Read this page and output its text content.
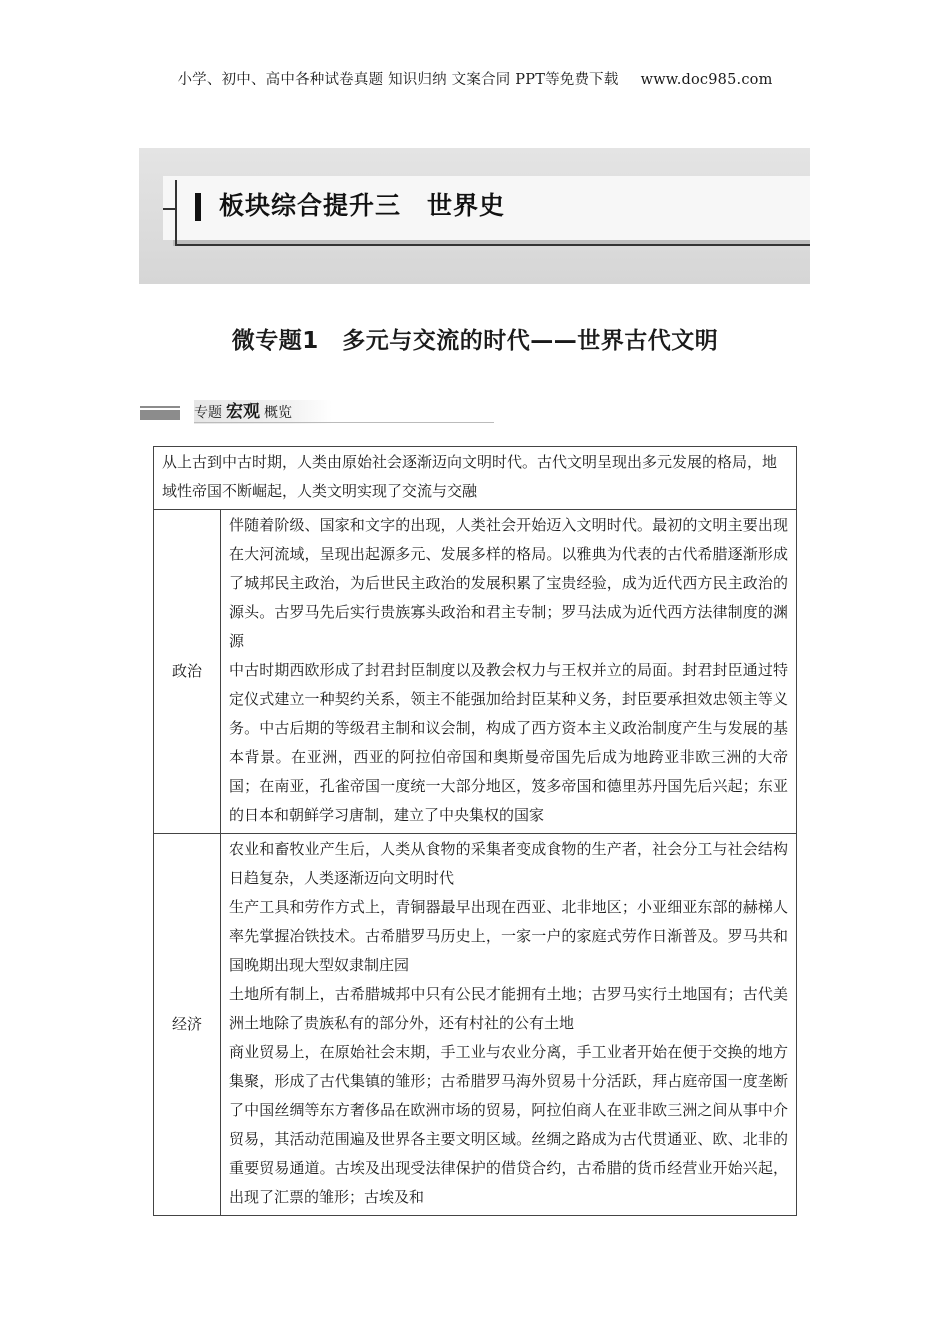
小学、初中、高中各种试卷真题 知识归纳 文案合同 PPT等免费下载 www.doc985.com
板块综合提升三　世界史
微专题1　多元与交流的时代——世界古代文明
专题 宏观 概览
从上古到中古时期，人类由原始社会逐渐迈向文明时代。古代文明呈现出多元发展的格局，地域性帝国不断崛起，人类文明实现了交流与交融	
政治	伴随着阶级、国家和文字的出现，人类社会开始迈入文明时代。最初的文明主要出现在大河流域，呈现出起源多元、发展多样的格局。以雅典为代表的古代希腊逐渐形成了城邦民主政治，为后世民主政治的发展积累了宝贵经验，成为近代西方民主政治的源头。古罗马先后实行贵族寡头政治和君主专制；罗马法成为近代西方法律制度的渊源

中古时期西欧形成了封君封臣制度以及教会权力与王权并立的局面。封君封臣通过特定仪式建立一种契约关系，领主不能强加给封臣某种义务，封臣要承担效忠领主等义务。中古后期的等级君主制和议会制，构成了西方资本主义政治制度产生与发展的基本背景。在亚洲，西亚的阿拉伯帝国和奥斯曼帝国先后成为地跨亚非欧三洲的大帝国；在南亚，孔雀帝国一度统一大部分地区，笈多帝国和德里苏丹国先后兴起；东亚的日本和朝鲜学习唐制，建立了中央集权的国家

经济	农业和畜牧业产生后，人类从食物的采集者变成食物的生产者，社会分工与社会结构日趋复杂，人类逐渐迈向文明时代

生产工具和劳作方式上，青铜器最早出现在西亚、北非地区；小亚细亚东部的赫梯人率先掌握冶铁技术。古希腊罗马历史上，一家一户的家庭式劳作日渐普及。罗马共和国晚期出现大型奴隶制庄园

土地所有制上，古希腊城邦中只有公民才能拥有土地；古罗马实行土地国有；古代美洲土地除了贵族私有的部分外，还有村社的公有土地

商业贸易上，在原始社会末期，手工业与农业分离，手工业者开始在便于交换的地方集聚，形成了古代集镇的雏形；古希腊罗马海外贸易十分活跃，拜占庭帝国一度垄断了中国丝绸等东方奢侈品在欧洲市场的贸易，阿拉伯商人在亚非欧三洲之间从事中介贸易，其活动范围遍及世界各主要文明区域。丝绸之路成为古代贯通亚、欧、北非的重要贸易通道。古埃及出现受法律保护的借贷合约，古希腊的货币经营业开始兴起，出现了汇票的雏形；古埃及和
